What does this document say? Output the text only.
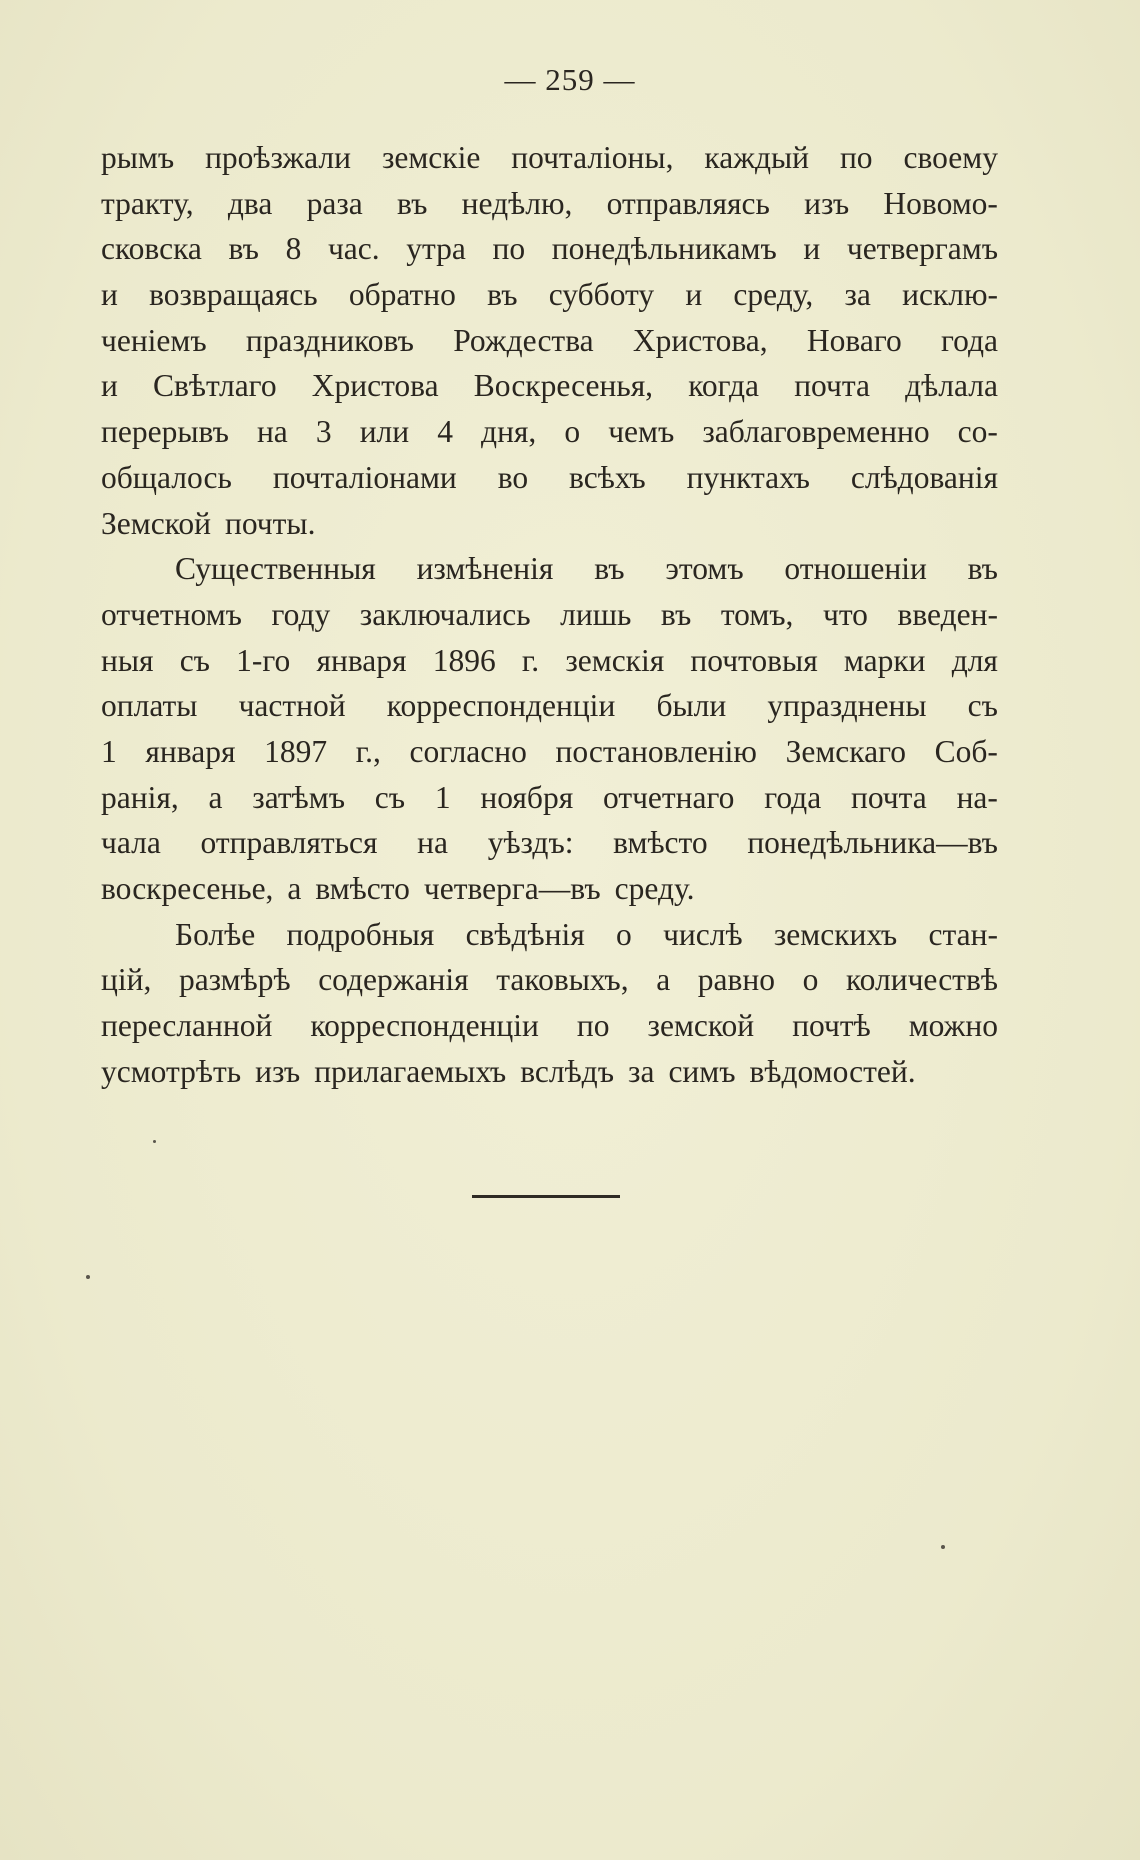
— 259 —
рымъ проѣзжали земскіе почталіоны, каждый по своему
тракту, два раза въ недѣлю, отправляясь изъ Новомо-
сковска въ 8 час. утра по понедѣльникамъ и четвергамъ
и возвращаясь обратно въ субботу и среду, за исклю-
ченіемъ праздниковъ Рождества Христова, Новаго года
и Свѣтлаго Христова Воскресенья, когда почта дѣлала
перерывъ на 3 или 4 дня, о чемъ заблаговременно со-
общалось почталіонами во всѣхъ пунктахъ слѣдованія
Земской почты.
Существенныя измѣненія въ этомъ отношеніи въ
отчетномъ году заключались лишь въ томъ, что введен-
ныя съ 1-го января 1896 г. земскія почтовыя марки для
оплаты частной корреспонденціи были упразднены съ
1 января 1897 г., согласно постановленію Земскаго Соб-
ранія, а затѣмъ съ 1 ноября отчетнаго года почта на-
чала отправляться на уѣздъ: вмѣсто понедѣльника—въ
воскресенье, а вмѣсто четверга—въ среду.
Болѣе подробныя свѣдѣнія о числѣ земскихъ стан-
цій, размѣрѣ содержанія таковыхъ, а равно о количествѣ
пересланной корреспонденціи по земской почтѣ можно
усмотрѣть изъ прилагаемыхъ вслѣдъ за симъ вѣдомостей.
